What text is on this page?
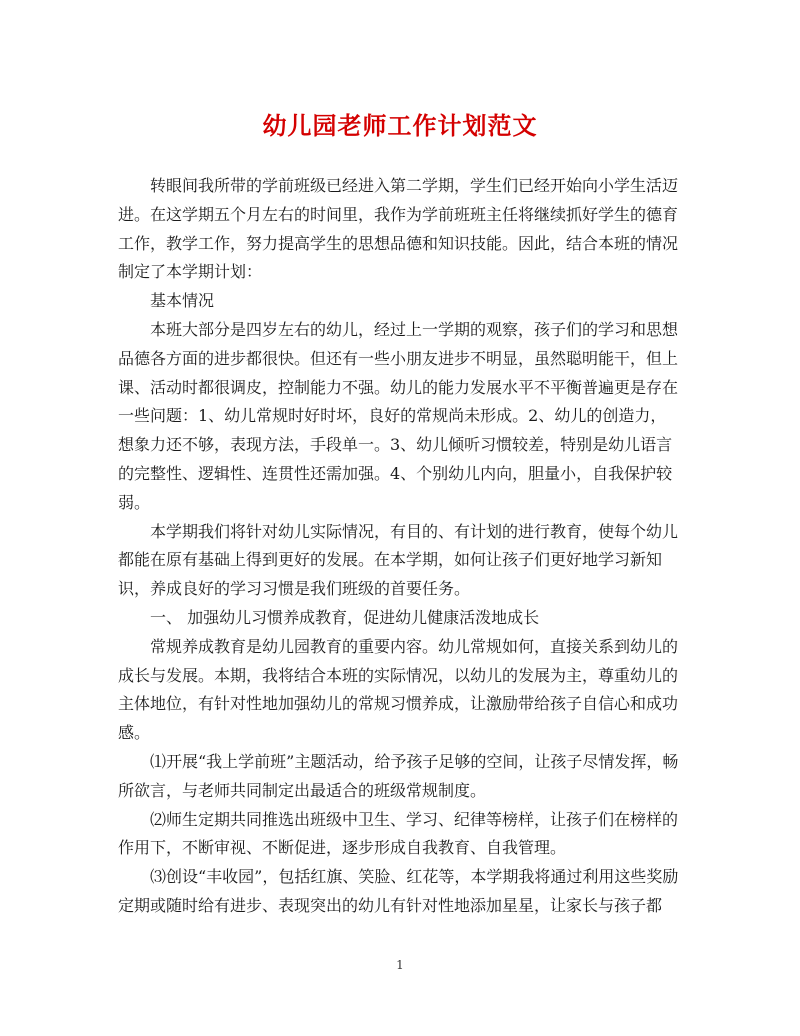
幼儿园老师工作计划范文

转眼间我所带的学前班级已经进入第二学期，学生们已经开始向小学生活迈进。在这学期五个月左右的时间里，我作为学前班班主任将继续抓好学生的德育工作，教学工作，努力提高学生的思想品德和知识技能。因此，结合本班的情况制定了本学期计划：

基本情况

本班大部分是四岁左右的幼儿，经过上一学期的观察，孩子们的学习和思想品德各方面的进步都很快。但还有一些小朋友进步不明显，虽然聪明能干，但上课、活动时都很调皮，控制能力不强。幼儿的能力发展水平不平衡普遍更是存在一些问题：1、幼儿常规时好时坏，良好的常规尚未形成。2、幼儿的创造力，想象力还不够，表现方法，手段单一。3、幼儿倾听习惯较差，特别是幼儿语言的完整性、逻辑性、连贯性还需加强。4、个别幼儿内向，胆量小，自我保护较弱。

本学期我们将针对幼儿实际情况，有目的、有计划的进行教育，使每个幼儿都能在原有基础上得到更好的发展。在本学期，如何让孩子们更好地学习新知识，养成良好的学习习惯是我们班级的首要任务。

一、 加强幼儿习惯养成教育，促进幼儿健康活泼地成长

常规养成教育是幼儿园教育的重要内容。幼儿常规如何，直接关系到幼儿的成长与发展。本期，我将结合本班的实际情况，以幼儿的发展为主，尊重幼儿的主体地位，有针对性地加强幼儿的常规习惯养成，让激励带给孩子自信心和成功感。

⑴开展“我上学前班”主题活动，给予孩子足够的空间，让孩子尽情发挥，畅所欲言，与老师共同制定出最适合的班级常规制度。

⑵师生定期共同推选出班级中卫生、学习、纪律等榜样，让孩子们在榜样的作用下，不断审视、不断促进，逐步形成自我教育、自我管理。

⑶创设“丰收园”，包括红旗、笑脸、红花等，本学期我将通过利用这些奖励定期或随时给有进步、表现突出的幼儿有针对性地添加星星，让家长与孩子都

1
